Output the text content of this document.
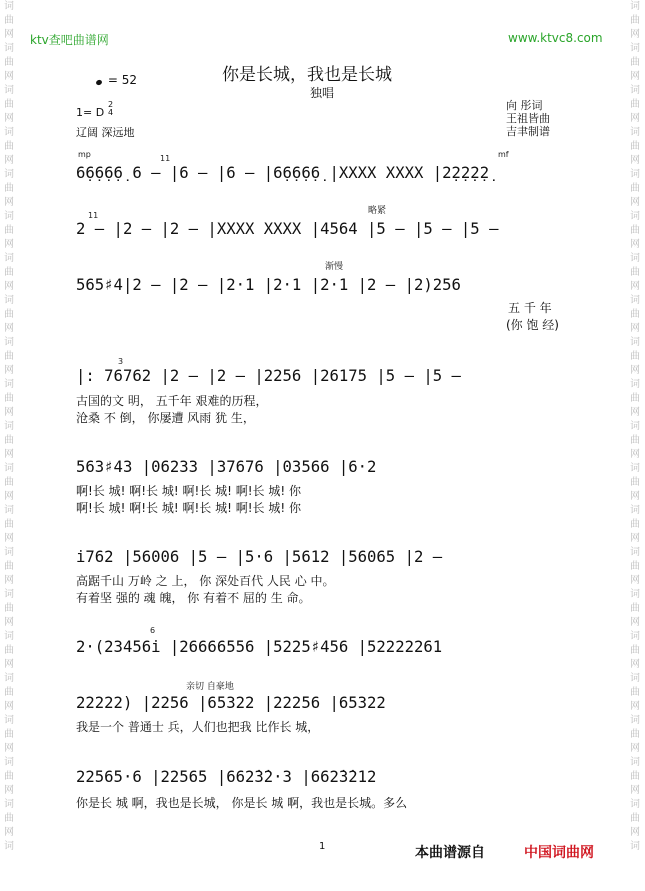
词
曲
网
词
曲
网
词
曲
网
词
曲
网
词
曲
网
词
曲
网
词
曲
网
词
曲
网
词
曲
网
词
曲
网
词
曲
网
词
曲
网
词
曲
网
词
曲
网
词
曲
网
词
曲
网
词
曲
网
词
曲
网
词
曲
网
词
曲
网
词
词
曲
网
词
曲
网
词
曲
网
词
曲
网
词
曲
网
词
曲
网
词
曲
网
词
曲
网
词
曲
网
词
曲
网
词
曲
网
词
曲
网
词
曲
网
词
曲
网
词
曲
网
词
曲
网
词
曲
网
词
曲
网
词
曲
网
词
曲
网
词
ktv查吧曲谱网	www.ktvc8.com
你是长城，我也是长城
独唱
= 52
1= D
2
4
辽阔 深远地
向 彤词
王祖皆曲
吉聿制谱
mp	11	mf
6̣6̣6̣6̣6̣ 6 – |6 – |6 – |6̣6̣6̣6̣6̣ |XXXX XXXX |2̣2̣2̣2̣2̣
11	略紧
2 – |2 – |2 – |XXXX XXXX |4564 |5 – |5 – |5 –
渐慢
565♯4|2 – |2 – |2·1 |2·1 |2·1 |2 – |2)256
五 千 年
(你 饱 经)
3
|: 76762 |2 – |2 – |2256 |26175 |5 – |5 –
古国的文 明， 五千年 艰难的历程，
沧桑 不 倒， 你屡遭 风雨 犹 生，
563♯43 |06233 |37676 |03566 |6·2
啊!长 城! 啊!长 城! 啊!长 城! 啊!长 城! 你
啊!长 城! 啊!长 城! 啊!长 城! 啊!长 城! 你
i762 |56006 |5 – |5·6 |5612 |56065 |2 –
高踞千山 万岭 之 上， 你 深处百代 人民 心 中。
有着坚 强的 魂 魄， 你 有着不 屈的 生 命。
6
2·(23456i |26666556 |5225♯456 |52222261
亲切 自豪地
22222) |2256 |65322 |22256 |65322
我是一个 普通士 兵，人们也把我 比作长 城，
22565·6 |22565 |662̇3̇2·3 |662̇3̇212
你是长 城 啊，我也是长城， 你是长 城 啊，我也是长城。多么
1	本曲谱源自	中国词曲网
